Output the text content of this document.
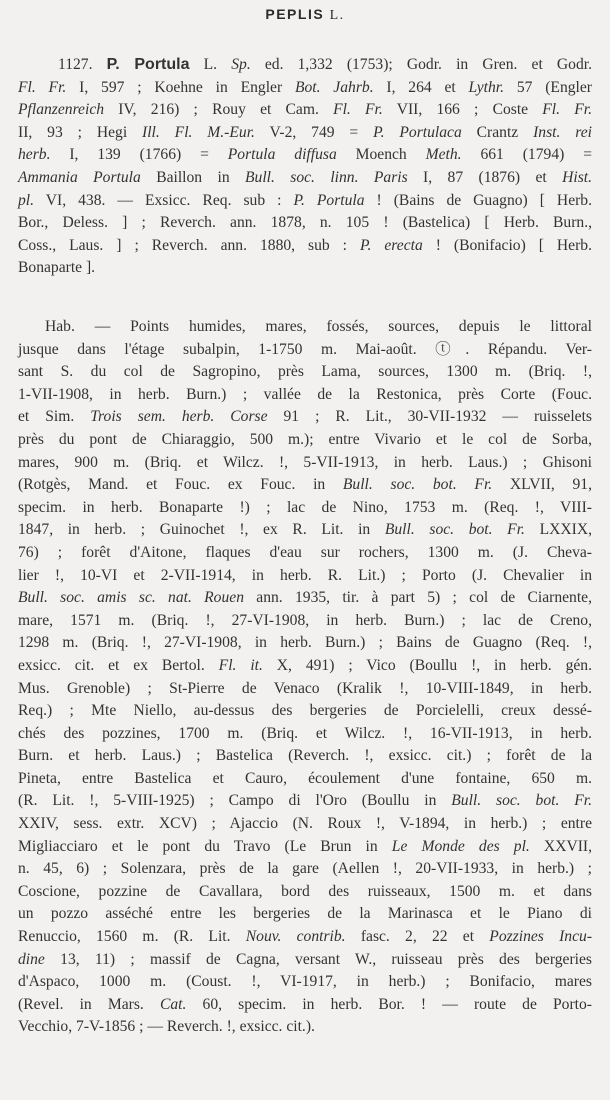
PEPLIS L.
1127. P. Portula L. Sp. ed. 1,332 (1753); Godr. in Gren. et Godr.
Fl. Fr. I, 597 ; Koehne in Engler Bot. Jahrb. I, 264 et Lythr. 57 (Engler
Pflanzenreich IV, 216) ; Rouy et Cam. Fl. Fr. VII, 166 ; Coste Fl. Fr.
II, 93 ; Hegi Ill. Fl. M.-Eur. V-2, 749 = P. Portulaca Crantz Inst. rei
herb. I, 139 (1766) = Portula diffusa Moench Meth. 661 (1794) =
Ammania Portula Baillon in Bull. soc. linn. Paris I, 87 (1876) et Hist.
pl. VI, 438. — Exsicc. Req. sub : P. Portula ! (Bains de Guagno) [ Herb.
Bor., Deless. ] ; Reverch. ann. 1878, n. 105 ! (Bastelica) [ Herb. Burn.,
Coss., Laus. ] ; Reverch. ann. 1880, sub : P. erecta ! (Bonifacio) [ Herb.
Bonaparte ].
Hab. — Points humides, mares, fossés, sources, depuis le littoral
jusque dans l'étage subalpin, 1-1750 m. Mai-août. ⓣ. Répandu. Ver-
sant S. du col de Sagropino, près Lama, sources, 1300 m. (Briq. !,
1-VII-1908, in herb. Burn.) ; vallée de la Restonica, près Corte (Fouc.
et Sim. Trois sem. herb. Corse 91 ; R. Lit., 30-VII-1932 — ruisselets
près du pont de Chiaraggio, 500 m.); entre Vivario et le col de Sorba,
mares, 900 m. (Briq. et Wilcz. !, 5-VII-1913, in herb. Laus.) ; Ghisoni
(Rotgès, Mand. et Fouc. ex Fouc. in Bull. soc. bot. Fr. XLVII, 91,
specim. in herb. Bonaparte !) ; lac de Nino, 1753 m. (Req. !, VIII-
1847, in herb. ; Guinochet !, ex R. Lit. in Bull. soc. bot. Fr. LXXIX,
76) ; forêt d'Aitone, flaques d'eau sur rochers, 1300 m. (J. Cheva-
lier !, 10-VI et 2-VII-1914, in herb. R. Lit.) ; Porto (J. Chevalier in
Bull. soc. amis sc. nat. Rouen ann. 1935, tir. à part 5) ; col de Ciarnente,
mare, 1571 m. (Briq. !, 27-VI-1908, in herb. Burn.) ; lac de Creno,
1298 m. (Briq. !, 27-VI-1908, in herb. Burn.) ; Bains de Guagno (Req. !,
exsicc. cit. et ex Bertol. Fl. it. X, 491) ; Vico (Boullu !, in herb. gén.
Mus. Grenoble) ; St-Pierre de Venaco (Kralik !, 10-VIII-1849, in herb.
Req.) ; Mte Niello, au-dessus des bergeries de Porcielelli, creux dessé-
chés des pozzines, 1700 m. (Briq. et Wilcz. !, 16-VII-1913, in herb.
Burn. et herb. Laus.) ; Bastelica (Reverch. !, exsicc. cit.) ; forêt de la
Pineta, entre Bastelica et Cauro, écoulement d'une fontaine, 650 m.
(R. Lit. !, 5-VIII-1925) ; Campo di l'Oro (Boullu in Bull. soc. bot. Fr.
XXIV, sess. extr. XCV) ; Ajaccio (N. Roux !, V-1894, in herb.) ; entre
Migliacciaro et le pont du Travo (Le Brun in Le Monde des pl. XXVII,
n. 45, 6) ; Solenzara, près de la gare (Aellen !, 20-VII-1933, in herb.) ;
Coscione, pozzine de Cavallara, bord des ruisseaux, 1500 m. et dans
un pozzo asséché entre les bergeries de la Marinasca et le Piano di
Renuccio, 1560 m. (R. Lit. Nouv. contrib. fasc. 2, 22 et Pozzines Incu-
dine 13, 11) ; massif de Cagna, versant W., ruisseau près des bergeries
d'Aspaco, 1000 m. (Coust. !, VI-1917, in herb.) ; Bonifacio, mares
(Revel. in Mars. Cat. 60, specim. in herb. Bor. ! — route de Porto-
Vecchio, 7-V-1856 ; — Reverch. !, exsicc. cit.).
